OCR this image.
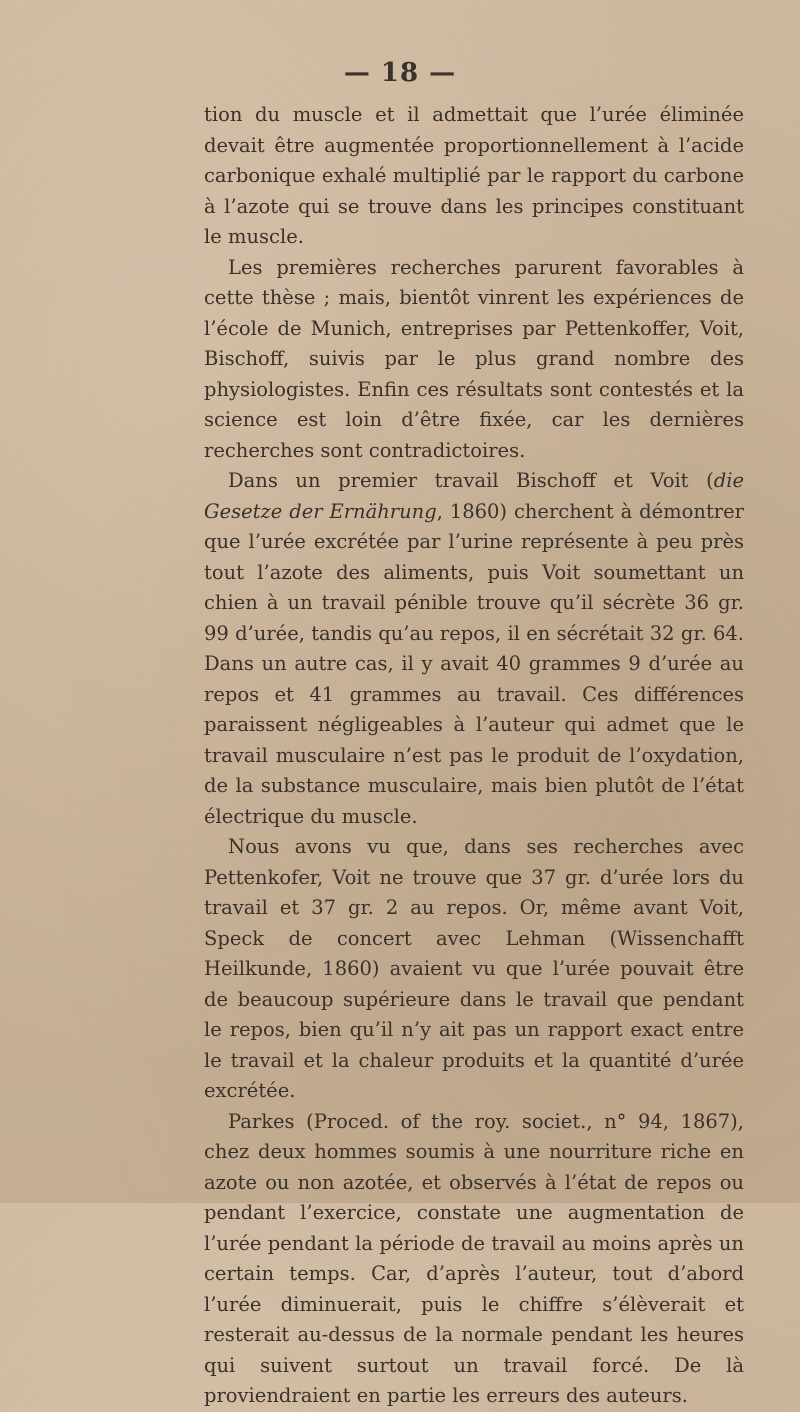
— 18 —

tion du muscle et il admettait que l’urée éliminée devait être augmentée proportionnellement à l’acide carbonique exhalé multiplié par le rapport du carbone à l’azote qui se trouve dans les principes constituant le muscle.

Les premières recherches parurent favorables à cette thèse ; mais, bientôt vinrent les expériences de l’école de Munich, entreprises par Pettenkoffer, Voit, Bischoff, suivis par le plus grand nombre des physiologistes. Enfin ces résultats sont contestés et la science est loin d’être fixée, car les dernières recherches sont contradictoires.

Dans un premier travail Bischoff et Voit (die Gesetze der Ernährung, 1860) cherchent à démontrer que l’urée excrétée par l’urine représente à peu près tout l’azote des aliments, puis Voit soumettant un chien à un travail pénible trouve qu’il sécrète 36 gr. 99 d’urée, tandis qu’au repos, il en sécrétait 32 gr. 64. Dans un autre cas, il y avait 40 grammes 9 d’urée au repos et 41 grammes au travail. Ces différences paraissent négligeables à l’auteur qui admet que le travail musculaire n’est pas le produit de l’oxydation, de la substance musculaire, mais bien plutôt de l’état électrique du muscle.

Nous avons vu que, dans ses recherches avec Pettenkofer, Voit ne trouve que 37 gr. d’urée lors du travail et 37 gr. 2 au repos. Or, même avant Voit, Speck de concert avec Lehman (Wissenchafft Heilkunde, 1860) avaient vu que l’urée pouvait être de beaucoup supérieure dans le travail que pendant le repos, bien qu’il n’y ait pas un rapport exact entre le travail et la chaleur produits et la quantité d’urée excrétée.

Parkes (Proced. of the roy. societ., n° 94, 1867), chez deux hommes soumis à une nourriture riche en azote ou non azotée, et observés à l’état de repos ou pendant l’exercice, constate une augmentation de l’urée pendant la période de travail au moins après un certain temps. Car, d’après l’auteur, tout d’abord l’urée diminuerait, puis le chiffre s’élèverait et resterait au-dessus de la normale pendant les heures qui suivent surtout un travail forcé. De là proviendraient en partie les erreurs des auteurs.
